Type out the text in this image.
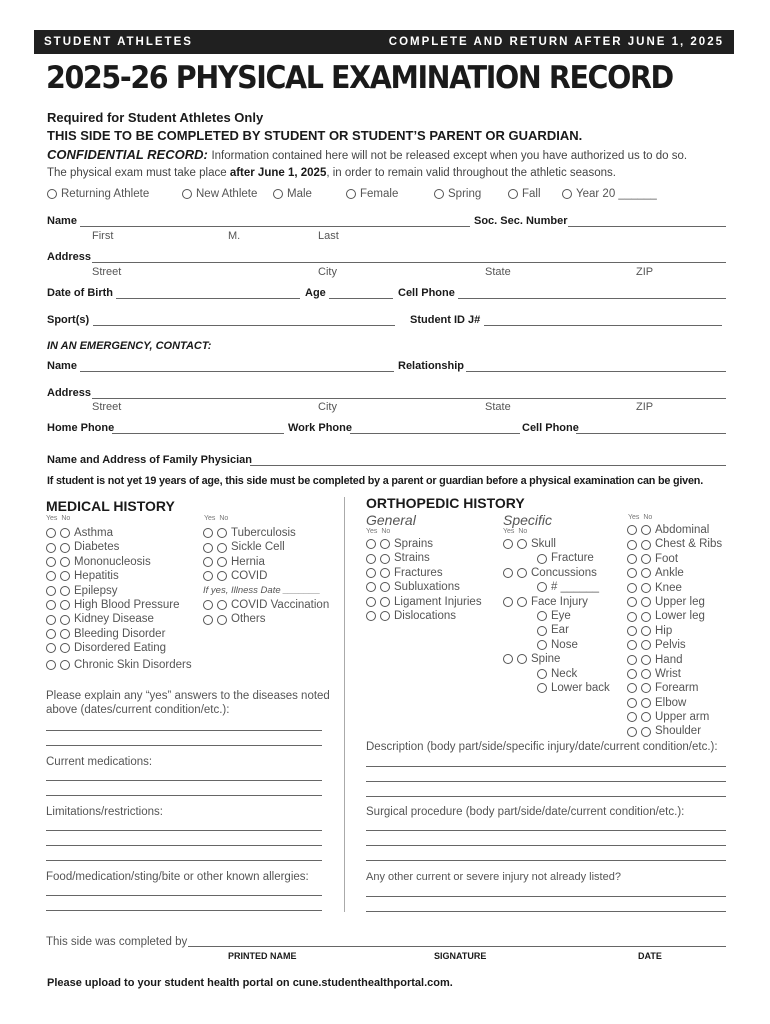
STUDENT ATHLETES	COMPLETE AND RETURN AFTER JUNE 1, 2025
2025-26 PHYSICAL EXAMINATION RECORD
Required for Student Athletes Only
THIS SIDE TO BE COMPLETED BY STUDENT OR STUDENT’S PARENT OR GUARDIAN.
CONFIDENTIAL RECORD: Information contained here will not be released except when you have authorized us to do so.
The physical exam must take place after June 1, 2025, in order to remain valid throughout the athletic seasons.
Returning Athlete	New Athlete	Male	Female	Spring	Fall	Year 20 ______
Name	Soc. Sec. Number
First	M.	Last
Address
Street	City	State	ZIP
Date of Birth	Age	Cell Phone
Sport(s)	Student ID J#
IN AN EMERGENCY, CONTACT:
Name	Relationship
Address
Street	City	State	ZIP
Home Phone	Work Phone	Cell Phone
Name and Address of Family Physician
If student is not yet 19 years of age, this side must be completed by a parent or guardian before a physical examination can be given.
MEDICAL HISTORY
Yes No	Yes No
Asthma
Diabetes
Mononucleosis
Hepatitis
Epilepsy
High Blood Pressure
Kidney Disease
Bleeding Disorder
Disordered Eating
Chronic Skin Disorders
Tuberculosis
Sickle Cell
Hernia
COVID
If yes, Illness Date _______
COVID Vaccination
Others
Please explain any “yes” answers to the diseases noted
above (dates/current condition/etc.):
Current medications:
Limitations/restrictions:
Food/medication/sting/bite or other known allergies:
ORTHOPEDIC HISTORY
General	Specific
Yes No	Yes No
Yes No
Sprains
Strains
Fractures
Subluxations
Ligament Injuries
Dislocations
Skull
Fracture
Concussions
# ______
Face Injury
Eye
Ear
Nose
Spine
Neck
Lower back
Abdominal
Chest & Ribs
Foot
Ankle
Knee
Upper leg
Lower leg
Hip
Pelvis
Hand
Wrist
Forearm
Elbow
Upper arm
Shoulder
Description (body part/side/specific injury/date/current condition/etc.):
Surgical procedure (body part/side/date/current condition/etc.):
Any other current or severe injury not already listed?
This side was completed by
PRINTED NAME	SIGNATURE	DATE
Please upload to your student health portal on cune.studenthealthportal.com.
